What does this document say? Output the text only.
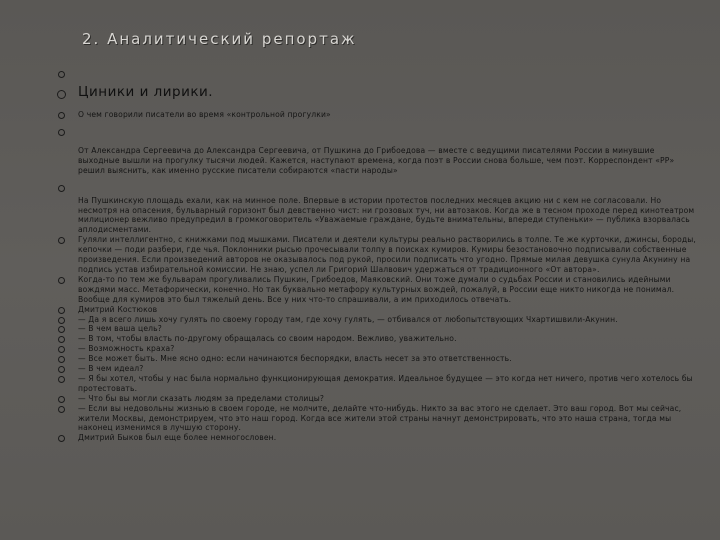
2. Аналитический репортаж
Циники и лирики.
О чем говорили писатели во время «контрольной прогулки»
От Александра Сергеевича до Александра Сергеевича, от Пушкина до Грибоедова — вместе с ведущими писателями России в минувшие выходные вышли на прогулку тысячи людей. Кажется, наступают времена, когда поэт в России снова больше, чем поэт. Корреспондент «РР» решил выяснить, как именно русские писатели собираются «пасти народы»
На Пушкинскую площадь ехали, как на минное поле. Впервые в истории протестов последних месяцев акцию ни с кем не согласовали. Но несмотря на опасения, бульварный горизонт был девственно чист: ни грозовых туч, ни автозаков. Когда же в тесном проходе перед кинотеатром милиционер вежливо предупредил в громкоговоритель «Уважаемые граждане, будьте внимательны, впереди ступеньки» — публика взорвалась аплодисментами.
Гуляли интеллигентно, с книжками под мышками. Писатели и деятели культуры реально растворились в толпе. Те же курточки, джинсы, бороды, кепочки — поди разбери, где чья. Поклонники рысью прочесывали толпу в поисках кумиров. Кумиры безостановочно подписывали собственные произведения. Если произведений авторов не оказывалось под рукой, просили подписать что угодно. Прямые милая девушка сунула Акунину на подпись устав избирательной комиссии. Не знаю, успел ли Григорий Шалвович удержаться от традиционного «От автора».
Когда-то по тем же бульварам прогуливались Пушкин, Грибоедов, Маяковский. Они тоже думали о судьбах России и становились идейными вождями масс. Метафорически, конечно. Но так буквально метафору культурных вождей, пожалуй, в России еще никто никогда не понимал. Вообще для кумиров это был тяжелый день. Все у них что-то спрашивали, а им приходилось отвечать.
Дмитрий Костюков
— Да я всего лишь хочу гулять по своему городу там, где хочу гулять, — отбивался от любопытствующих Чхартишвили-Акунин.
— В чем ваша цель?
— В том, чтобы власть по-другому обращалась со своим народом. Вежливо, уважительно.
— Возможность краха?
— Все может быть. Мне ясно одно: если начинаются беспорядки, власть несет за это ответственность.
— В чем идеал?
— Я бы хотел, чтобы у нас была нормально функционирующая демократия. Идеальное будущее — это когда нет ничего, против чего хотелось бы протестовать.
— Что бы вы могли сказать людям за пределами столицы?
— Если вы недовольны жизнью в своем городе, не молчите, делайте что-нибудь. Никто за вас этого не сделает. Это ваш город. Вот мы сейчас, жители Москвы, демонстрируем, что это наш город. Когда все жители этой страны начнут демонстрировать, что это наша страна, тогда мы наконец изменимся в лучшую сторону.
Дмитрий Быков был еще более немногословен.
